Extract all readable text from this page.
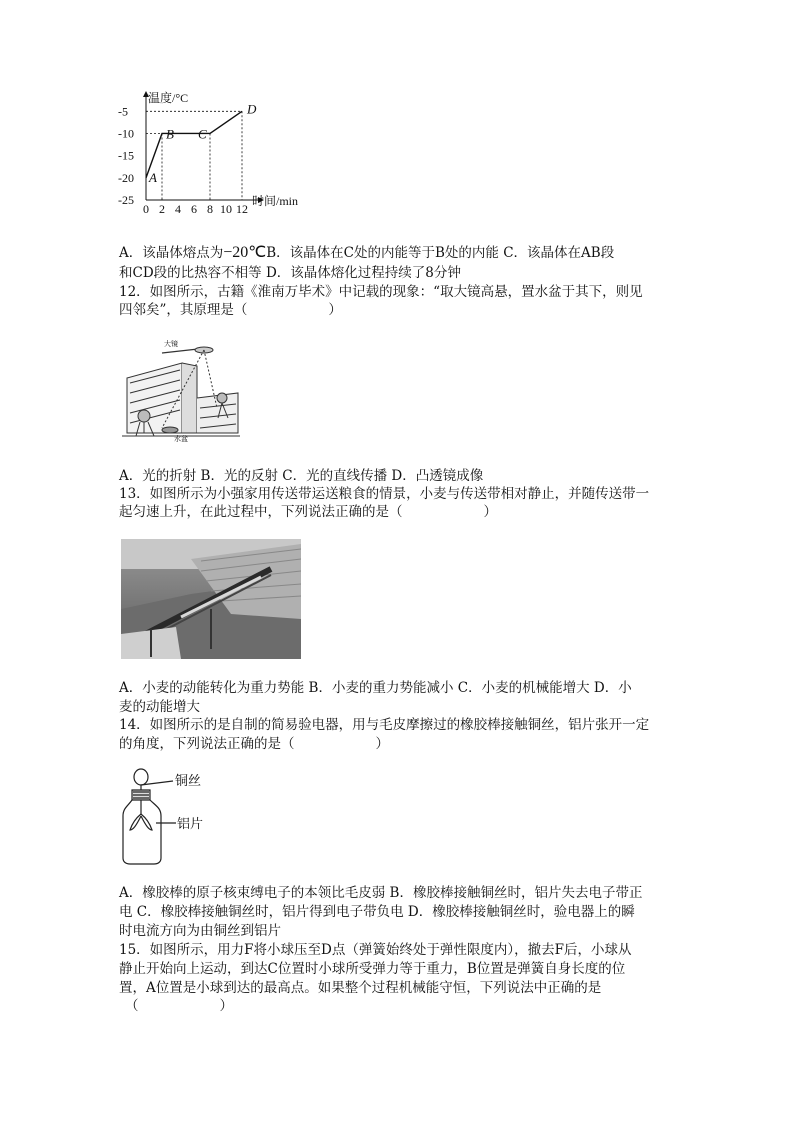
温度/°C
时间/min
0 2 4 6 8 10 12
-5
-10
-15
-20
-25
A
B C
D
A．该晶体熔点为−20℃B．该晶体在C处的内能等于B处的内能 C．该晶体在AB段
和CD段的比热容不相等 D．该晶体熔化过程持续了8分钟
12．如图所示，古籍《淮南万毕术》中记载的现象：“取大镜高悬，置水盆于其下，则见
四邻矣”，其原理是（　　　　　　）
大镜
水盆
A．光的折射 B．光的反射 C．光的直线传播 D．凸透镜成像
13．如图所示为小强家用传送带运送粮食的情景，小麦与传送带相对静止，并随传送带一
起匀速上升，在此过程中，下列说法正确的是（　　　　　　）
A．小麦的动能转化为重力势能 B．小麦的重力势能减小 C．小麦的机械能增大 D．小
麦的动能增大
14．如图所示的是自制的简易验电器，用与毛皮摩擦过的橡胶棒接触铜丝，铝片张开一定
的角度，下列说法正确的是（　　　　　　）
铜丝
铝片
A．橡胶棒的原子核束缚电子的本领比毛皮弱 B．橡胶棒接触铜丝时，铝片失去电子带正
电 C．橡胶棒接触铜丝时，铝片得到电子带负电 D．橡胶棒接触铜丝时，验电器上的瞬
时电流方向为由铜丝到铝片
15．如图所示，用力F将小球压至D点（弹簧始终处于弹性限度内），撤去F后，小球从
静止开始向上运动，到达C位置时小球所受弹力等于重力，B位置是弹簧自身长度的位
置，A位置是小球到达的最高点。如果整个过程机械能守恒，下列说法中正确的是
（　　　　　　）
